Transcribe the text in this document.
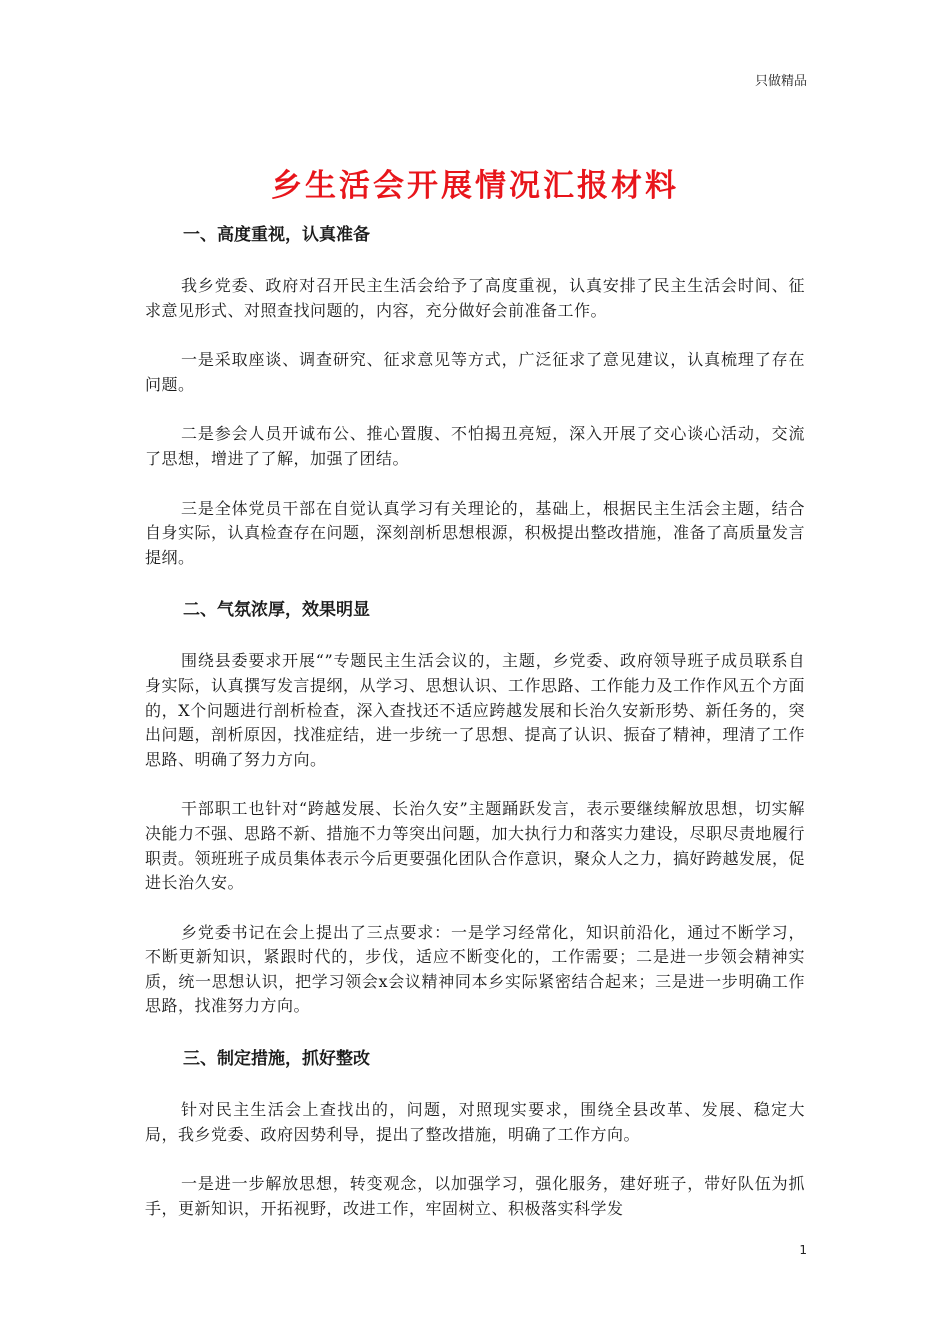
只做精品
乡生活会开展情况汇报材料
一、高度重视，认真准备

我乡党委、政府对召开民主生活会给予了高度重视，认真安排了民主生活会时间、征求意见形式、对照查找问题的，内容，充分做好会前准备工作。

一是采取座谈、调查研究、征求意见等方式，广泛征求了意见建议，认真梳理了存在问题。

二是参会人员开诚布公、推心置腹、不怕揭丑亮短，深入开展了交心谈心活动，交流了思想，增进了了解，加强了团结。

三是全体党员干部在自觉认真学习有关理论的，基础上，根据民主生活会主题，结合自身实际，认真检查存在问题，深刻剖析思想根源，积极提出整改措施，准备了高质量发言提纲。

二、气氛浓厚，效果明显

围绕县委要求开展“”专题民主生活会议的，主题，乡党委、政府领导班子成员联系自身实际，认真撰写发言提纲，从学习、思想认识、工作思路、工作能力及工作作风五个方面的，X个问题进行剖析检查，深入查找还不适应跨越发展和长治久安新形势、新任务的，突出问题，剖析原因，找准症结，进一步统一了思想、提高了认识、振奋了精神，理清了工作思路、明确了努力方向。

干部职工也针对“跨越发展、长治久安”主题踊跃发言，表示要继续解放思想，切实解决能力不强、思路不新、措施不力等突出问题，加大执行力和落实力建设，尽职尽责地履行职责。领班班子成员集体表示今后更要强化团队合作意识，聚众人之力，搞好跨越发展，促进长治久安。

乡党委书记在会上提出了三点要求：一是学习经常化，知识前沿化，通过不断学习，不断更新知识，紧跟时代的，步伐，适应不断变化的，工作需要；二是进一步领会精神实质，统一思想认识，把学习领会x会议精神同本乡实际紧密结合起来；三是进一步明确工作思路，找准努力方向。

三、制定措施，抓好整改

针对民主生活会上查找出的，问题，对照现实要求，围绕全县改革、发展、稳定大局，我乡党委、政府因势利导，提出了整改措施，明确了工作方向。

一是进一步解放思想，转变观念，以加强学习，强化服务，建好班子，带好队伍为抓手，更新知识，开拓视野，改进工作，牢固树立、积极落实科学发

1
